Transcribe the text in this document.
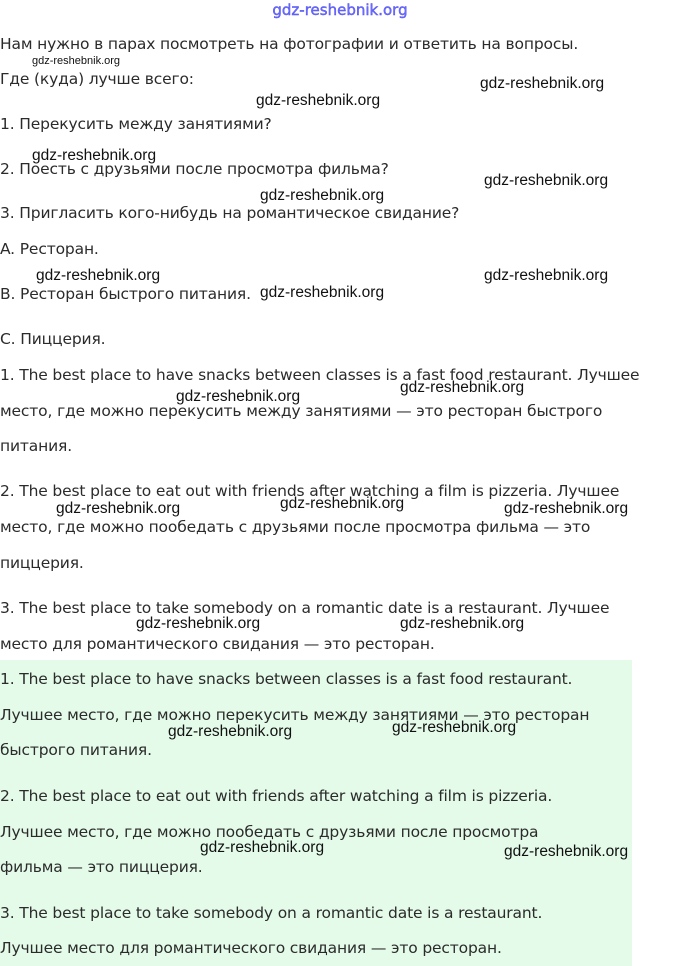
gdz-reshebnik.org
Нам нужно в парах посмотреть на фотографии и ответить на вопросы.
Где (куда) лучше всего:
1. Перекусить между занятиями?
2. Поесть с друзьями после просмотра фильма?
3. Пригласить кого-нибудь на романтическое свидание?
A. Ресторан.
B. Ресторан быстрого питания.
C. Пиццерия.
1. The best place to have snacks between classes is a fast food restaurant. Лучшее
место, где можно перекусить между занятиями — это ресторан быстрого
питания.
2. The best place to eat out with friends after watching a film is pizzeria. Лучшее
место, где можно пообедать с друзьями после просмотра фильма — это
пиццерия.
3. The best place to take somebody on a romantic date is a restaurant. Лучшее
место для романтического свидания — это ресторан.
1. The best place to have snacks between classes is a fast food restaurant.
Лучшее место, где можно перекусить между занятиями — это ресторан
быстрого питания.
2. The best place to eat out with friends after watching a film is pizzeria.
Лучшее место, где можно пообедать с друзьями после просмотра
фильма — это пиццерия.
3. The best place to take somebody on a romantic date is a restaurant.
Лучшее место для романтического свидания — это ресторан.
gdz-reshebnik.org
gdz-reshebnik.org
gdz-reshebnik.org
gdz-reshebnik.org
gdz-reshebnik.org
gdz-reshebnik.org
gdz-reshebnik.org	gdz-reshebnik.org
gdz-reshebnik.org
gdz-reshebnik.org
gdz-reshebnik.org
gdz-reshebnik.org
gdz-reshebnik.org	gdz-reshebnik.org
gdz-reshebnik.org	gdz-reshebnik.org
gdz-reshebnik.org
gdz-reshebnik.org
gdz-reshebnik.org	gdz-reshebnik.org
